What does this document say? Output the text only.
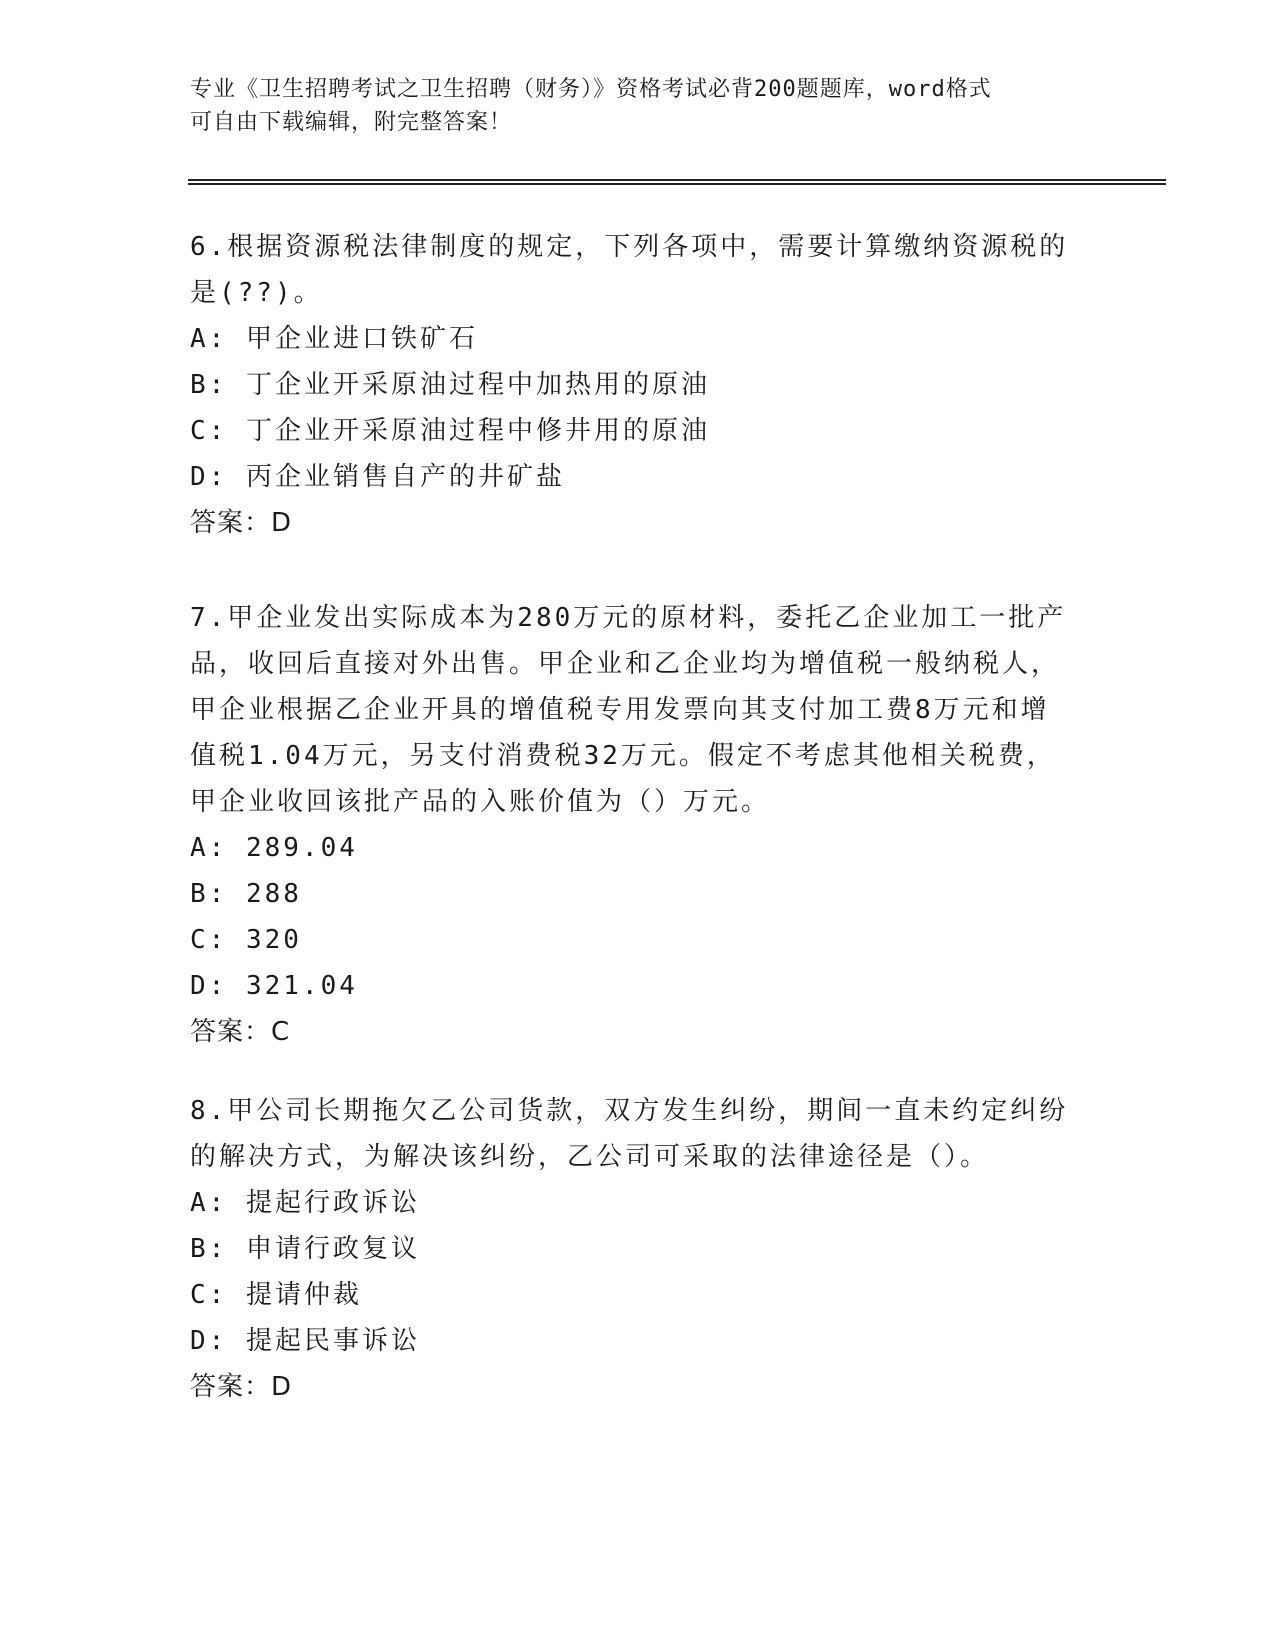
专业《卫生招聘考试之卫生招聘（财务）》资格考试必背200题题库，word格式
可自由下载编辑，附完整答案！
6.根据资源税法律制度的规定，下列各项中，需要计算缴纳资源税的
是(??)。
A: 甲企业进口铁矿石
B: 丁企业开采原油过程中加热用的原油
C: 丁企业开采原油过程中修井用的原油
D: 丙企业销售自产的井矿盐
答案：D
7.甲企业发出实际成本为280万元的原材料，委托乙企业加工一批产
品，收回后直接对外出售。甲企业和乙企业均为增值税一般纳税人，
甲企业根据乙企业开具的增值税专用发票向其支付加工费8万元和增
值税1.04万元，另支付消费税32万元。假定不考虑其他相关税费，
甲企业收回该批产品的入账价值为（）万元。
A: 289.04
B: 288
C: 320
D: 321.04
答案：C
8.甲公司长期拖欠乙公司货款，双方发生纠纷，期间一直未约定纠纷
的解决方式，为解决该纠纷，乙公司可采取的法律途径是（）。
A: 提起行政诉讼
B: 申请行政复议
C: 提请仲裁
D: 提起民事诉讼
答案：D
